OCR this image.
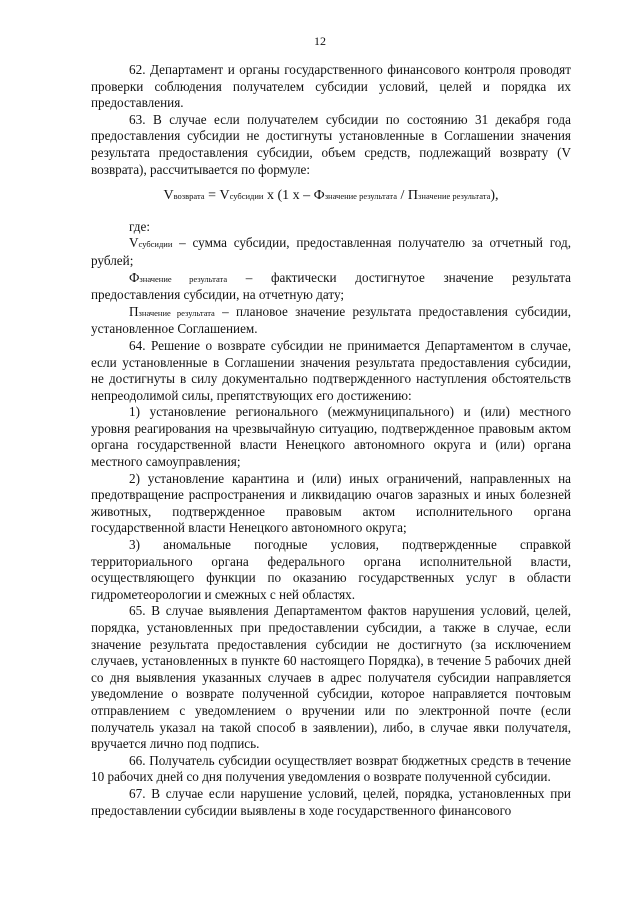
12

62. Департамент и органы государственного финансового контроля проводят проверки соблюдения получателем субсидии условий, целей и порядка их предоставления.

63. В случае если получателем субсидии по состоянию 31 декабря года предоставления субсидии не достигнуты установленные в Соглашении значения результата предоставления субсидии, объем средств, подлежащий возврату (V возврата), рассчитывается по формуле:

Vвозврата = Vсубсидии x (1 x – Фзначение результата / Пзначение результата),

где:

Vсубсидии – сумма субсидии, предоставленная получателю за отчетный год, рублей;

Фзначение результата – фактически достигнутое значение результата предоставления субсидии, на отчетную дату;

Пзначение результата – плановое значение результата предоставления субсидии, установленное Соглашением.

64. Решение о возврате субсидии не принимается Департаментом в случае, если установленные в Соглашении значения результата предоставления субсидии, не достигнуты в силу документально подтвержденного наступления обстоятельств непреодолимой силы, препятствующих его достижению:

1) установление регионального (межмуниципального) и (или) местного уровня реагирования на чрезвычайную ситуацию, подтвержденное правовым актом органа государственной власти Ненецкого автономного округа и (или) органа местного самоуправления;

2) установление карантина и (или) иных ограничений, направленных на предотвращение распространения и ликвидацию очагов заразных и иных болезней животных, подтвержденное правовым актом исполнительного органа государственной власти Ненецкого автономного округа;

3) аномальные погодные условия, подтвержденные справкой территориального органа федерального органа исполнительной власти, осуществляющего функции по оказанию государственных услуг в области гидрометеорологии и смежных с ней областях.

65. В случае выявления Департаментом фактов нарушения условий, целей, порядка, установленных при предоставлении субсидии, а также в случае, если значение результата предоставления субсидии не достигнуто (за исключением случаев, установленных в пункте 60 настоящего Порядка), в течение 5 рабочих дней со дня выявления указанных случаев в адрес получателя субсидии направляется уведомление о возврате полученной субсидии, которое направляется почтовым отправлением с уведомлением о вручении или по электронной почте (если получатель указал на такой способ в заявлении), либо, в случае явки получателя, вручается лично под подпись.

66. Получатель субсидии осуществляет возврат бюджетных средств в течение 10 рабочих дней со дня получения уведомления о возврате полученной субсидии.

67. В случае если нарушение условий, целей, порядка, установленных при предоставлении субсидии выявлены в ходе государственного финансового
